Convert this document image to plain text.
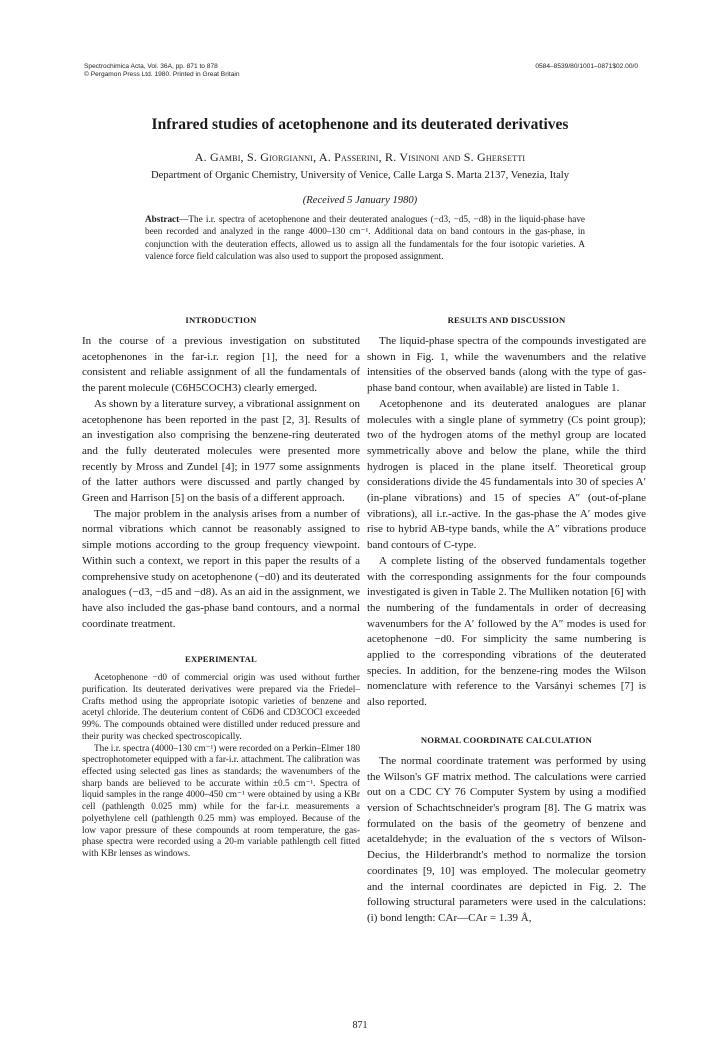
Spectrochimica Acta, Vol. 36A, pp. 871 to 878
© Pergamon Press Ltd. 1980. Printed in Great Britain
0584–8539/80/1001–0871$02.00/0
Infrared studies of acetophenone and its deuterated derivatives
A. Gambi, S. Giorgianni, A. Passerini, R. Visinoni and S. Ghersetti
Department of Organic Chemistry, University of Venice, Calle Larga S. Marta 2137, Venezia, Italy
(Received 5 January 1980)
Abstract—The i.r. spectra of acetophenone and their deuterated analogues (−d3, −d5, −d8) in the liquid-phase have been recorded and analyzed in the range 4000–130 cm⁻¹. Additional data on band contours in the gas-phase, in conjunction with the deuteration effects, allowed us to assign all the fundamentals for the four isotopic varieties. A valence force field calculation was also used to support the proposed assignment.
INTRODUCTION

In the course of a previous investigation on substituted acetophenones in the far-i.r. region [1], the need for a consistent and reliable assignment of all the fundamentals of the parent molecule (C6H5COCH3) clearly emerged.

As shown by a literature survey, a vibrational assignment on acetophenone has been reported in the past [2, 3]. Results of an investigation also comprising the benzene-ring deuterated and the fully deuterated molecules were presented more recently by Mross and Zundel [4]; in 1977 some assignments of the latter authors were discussed and partly changed by Green and Harrison [5] on the basis of a different approach.

The major problem in the analysis arises from a number of normal vibrations which cannot be reasonably assigned to simple motions according to the group frequency viewpoint. Within such a context, we report in this paper the results of a comprehensive study on acetophenone (−d0) and its deuterated analogues (−d3, −d5 and −d8). As an aid in the assignment, we have also included the gas-phase band contours, and a normal coordinate treatment.

EXPERIMENTAL

Acetophenone −d0 of commercial origin was used without further purification. Its deuterated derivatives were prepared via the Friedel–Crafts method using the appropriate isotopic varieties of benzene and acetyl chloride. The deuterium content of C6D6 and CD3COCl exceeded 99%. The compounds obtained were distilled under reduced pressure and their purity was checked spectroscopically.

The i.r. spectra (4000–130 cm⁻¹) were recorded on a Perkin–Elmer 180 spectrophotometer equipped with a far-i.r. attachment. The calibration was effected using selected gas lines as standards; the wavenumbers of the sharp bands are believed to be accurate within ±0.5 cm⁻¹. Spectra of liquid samples in the range 4000–450 cm⁻¹ were obtained by using a KBr cell (pathlength 0.025 mm) while for the far-i.r. measurements a polyethylene cell (pathlength 0.25 mm) was employed. Because of the low vapor pressure of these compounds at room temperature, the gas-phase spectra were recorded using a 20-m variable pathlength cell fitted with KBr lenses as windows.

RESULTS AND DISCUSSION

The liquid-phase spectra of the compounds investigated are shown in Fig. 1, while the wavenumbers and the relative intensities of the observed bands (along with the type of gas-phase band contour, when available) are listed in Table 1.

Acetophenone and its deuterated analogues are planar molecules with a single plane of symmetry (Cs point group); two of the hydrogen atoms of the methyl group are located symmetrically above and below the plane, while the third hydrogen is placed in the plane itself. Theoretical group considerations divide the 45 fundamentals into 30 of species A′ (in-plane vibrations) and 15 of species A″ (out-of-plane vibrations), all i.r.-active. In the gas-phase the A′ modes give rise to hybrid AB-type bands, while the A″ vibrations produce band contours of C-type.

A complete listing of the observed fundamentals together with the corresponding assignments for the four compounds investigated is given in Table 2. The Mulliken notation [6] with the numbering of the fundamentals in order of decreasing wavenumbers for the A′ followed by the A″ modes is used for acetophenone −d0. For simplicity the same numbering is applied to the corresponding vibrations of the deuterated species. In addition, for the benzene-ring modes the Wilson nomenclature with reference to the Varsányi schemes [7] is also reported.

NORMAL COORDINATE CALCULATION

The normal coordinate tratement was performed by using the Wilson's GF matrix method. The calculations were carried out on a CDC CY 76 Computer System by using a modified version of Schachtschneider's program [8]. The G matrix was formulated on the basis of the geometry of benzene and acetaldehyde; in the evaluation of the s vectors of Wilson-Decius, the Hilderbrandt's method to normalize the torsion coordinates [9, 10] was employed. The molecular geometry and the internal coordinates are depicted in Fig. 2. The following structural parameters were used in the calculations: (i) bond length: CAr—CAr = 1.39 Å,

871
